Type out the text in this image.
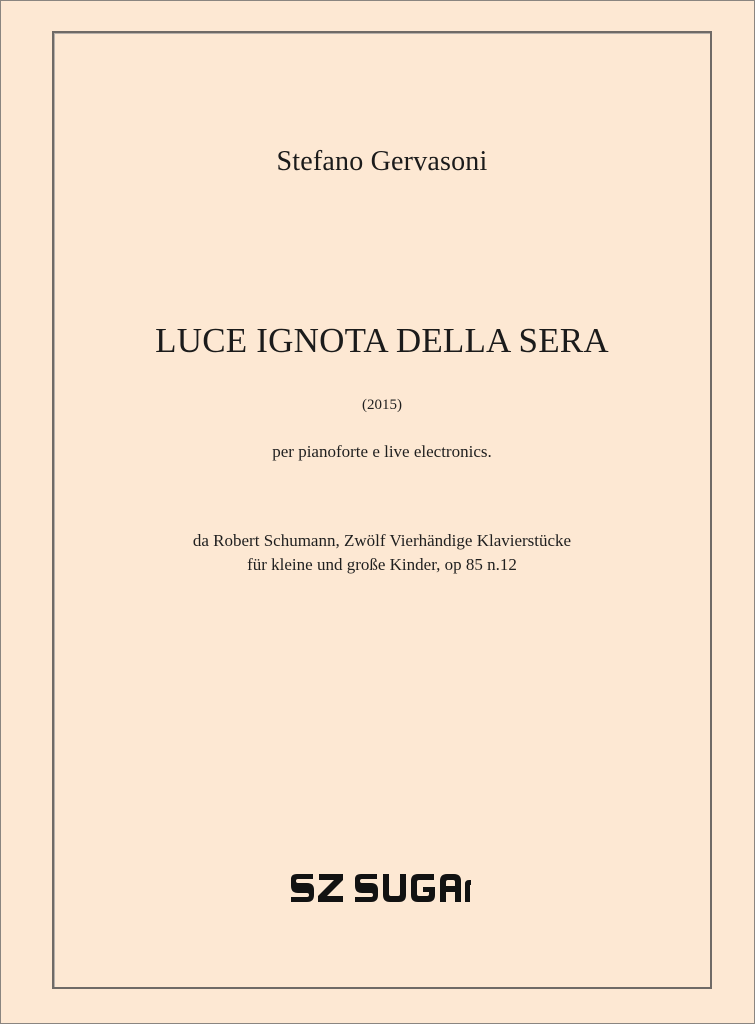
Stefano Gervasoni
LUCE IGNOTA DELLA SERA
(2015)
per pianoforte e live electronics.
da Robert Schumann, Zwölf Vierhändige Klavierstücke
für kleine und große Kinder, op 85 n.12
